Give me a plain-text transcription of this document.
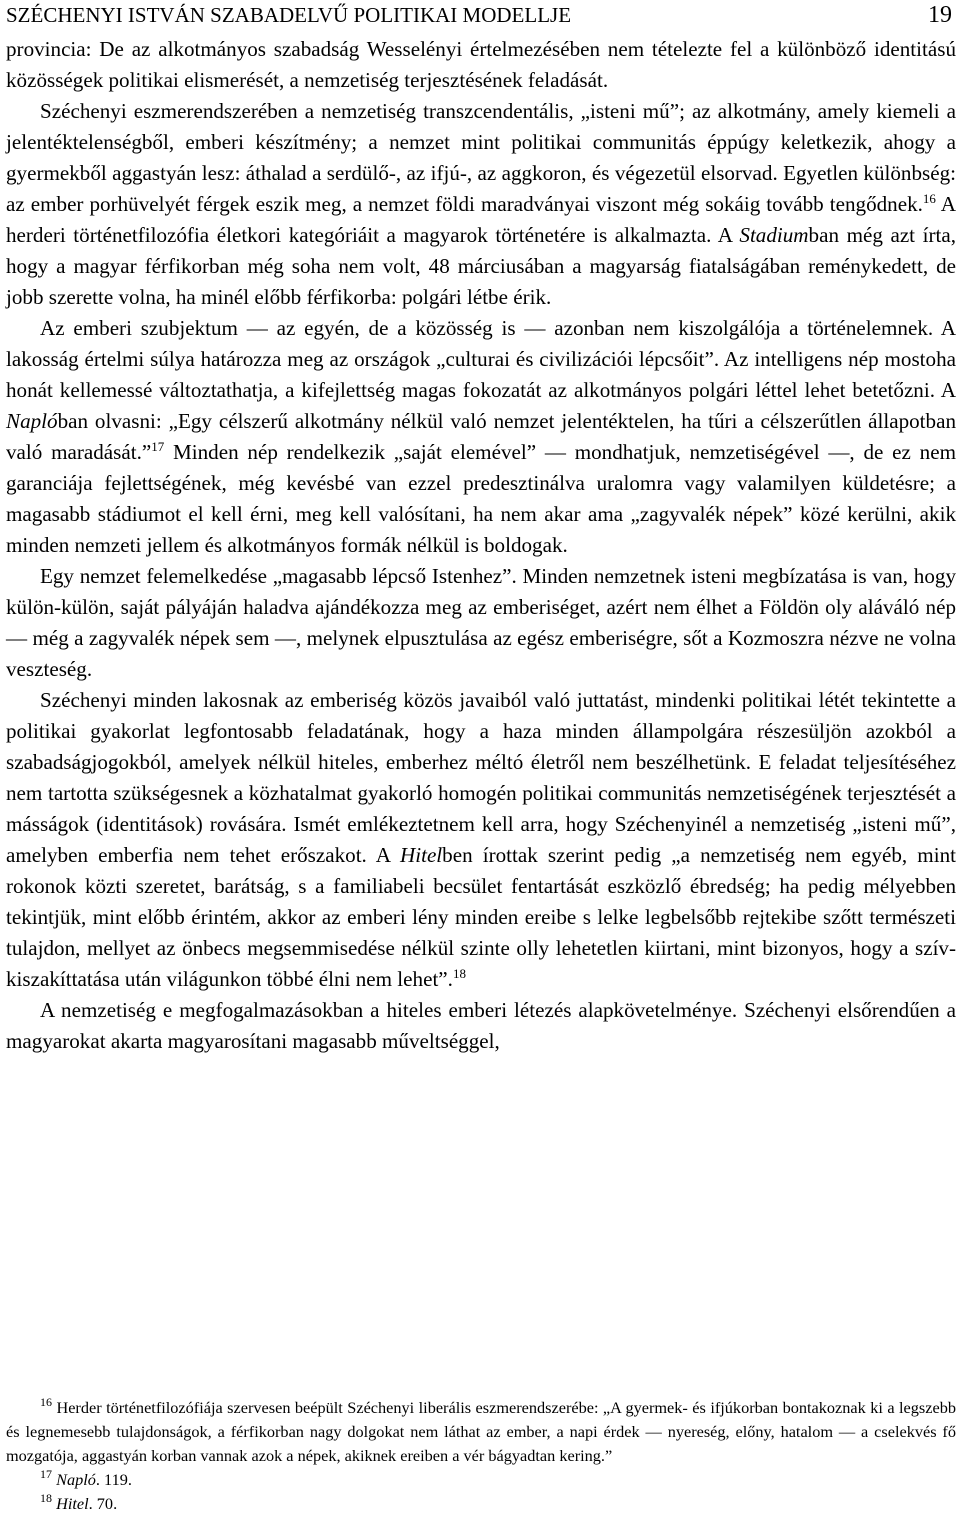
SZÉCHENYI ISTVÁN SZABADELVŰ POLITIKAI MODELLJE	19

provincia: De az alkotmányos szabadság Wesselényi értelmezésében nem tételezte fel a különböző identitású közösségek politikai elismerését, a nemzetiség terjesztésének feladását.

Széchenyi eszmerendszerében a nemzetiség transzcendentális, „isteni mű”; az alkotmány, amely kiemeli a jelentéktelenségből, emberi készítmény; a nemzet mint politikai communitás éppúgy keletkezik, ahogy a gyermekből aggastyán lesz: áthalad a serdülő-, az ifjú-, az aggkoron, és végezetül elsorvad. Egyetlen különbség: az ember porhüvelyét férgek eszik meg, a nemzet földi maradványai viszont még sokáig tovább tengődnek.$^{16}$ A herderi történetfilozófia életkori kategóriáit a magyarok történetére is alkalmazta. A Stadiumban még azt írta, hogy a magyar férfikorban még soha nem volt, 48 márciusában a magyarság fiatalságában reménykedett, de jobb szerette volna, ha minél előbb férfikorba: polgári létbe érik.

Az emberi szubjektum — az egyén, de a közösség is — azonban nem kiszolgálója a történelemnek. A lakosság értelmi súlya határozza meg az országok „culturai és civilizációi lépcsőit”. Az intelligens nép mostoha honát kellemessé változtathatja, a kifejlettség magas fokozatát az alkotmányos polgári léttel lehet betetőzni. A Naplóban olvasni: „Egy célszerű alkotmány nélkül való nemzet jelentéktelen, ha tűri a célszerűtlen állapotban való maradását.”$^{17}$ Minden nép rendelkezik „saját elemével” — mondhatjuk, nemzetiségével —, de ez nem garanciája fejlettségének, még kevésbé van ezzel predesztinálva uralomra vagy valamilyen küldetésre; a magasabb stádiumot el kell érni, meg kell valósítani, ha nem akar ama „zagyvalék népek” közé kerülni, akik minden nemzeti jellem és alkotmányos formák nélkül is boldogak.

Egy nemzet felemelkedése „magasabb lépcső Istenhez”. Minden nemzetnek isteni megbízatása is van, hogy külön-külön, saját pályáján haladva ajándékozza meg az emberiséget, azért nem élhet a Földön oly aláváló nép — még a zagyvalék népek sem —, melynek elpusztulása az egész emberiségre, sőt a Kozmoszra nézve ne volna veszteség.

Széchenyi minden lakosnak az emberiség közös javaiból való juttatást, mindenki politikai létét tekintette a politikai gyakorlat legfontosabb feladatának, hogy a haza minden állampolgára részesüljön azokból a szabadságjogokból, amelyek nélkül hiteles, emberhez méltó életről nem beszélhetünk. E feladat teljesítéséhez nem tartotta szükségesnek a közhatalmat gyakorló homogén politikai communitás nemzetiségének terjesztését a másságok (identitások) rovására. Ismét emlékeztetnem kell arra, hogy Széchenyinél a nemzetiség „isteni mű”, amelyben emberfia nem tehet erőszakot. A Hitelben írottak szerint pedig „a nemzetiség nem egyéb, mint rokonok közti szeretet, barátság, s a familiabeli becsület fentartását eszközlő ébredség; ha pedig mélyebben tekintjük, mint előbb érintém, akkor az emberi lény minden ereibe s lelke legbelsőbb rejtekibe szőtt természeti tulajdon, mellyet az önbecs megsemmisedése nélkül szinte olly lehetetlen kiirtani, mint bizonyos, hogy a szív-kiszakíttatása után világunkon többé élni nem lehet”.$^{18}$

A nemzetiség e megfogalmazásokban a hiteles emberi létezés alapkövetelménye. Széchenyi elsőrendűen a magyarokat akarta magyarosítani magasabb műveltséggel,

$^{16}$ Herder történetfilozófiája szervesen beépült Széchenyi liberális eszmerendszerébe: „A gyermek- és ifjúkorban bontakoznak ki a legszebb és legnemesebb tulajdonságok, a férfikorban nagy dolgokat nem láthat az ember, a napi érdek — nyereség, előny, hatalom — a cselekvés fő mozgatója, aggastyán korban vannak azok a népek, akiknek ereiben a vér bágyadtan kering.”

$^{17}$ Napló. 119.

$^{18}$ Hitel. 70.
